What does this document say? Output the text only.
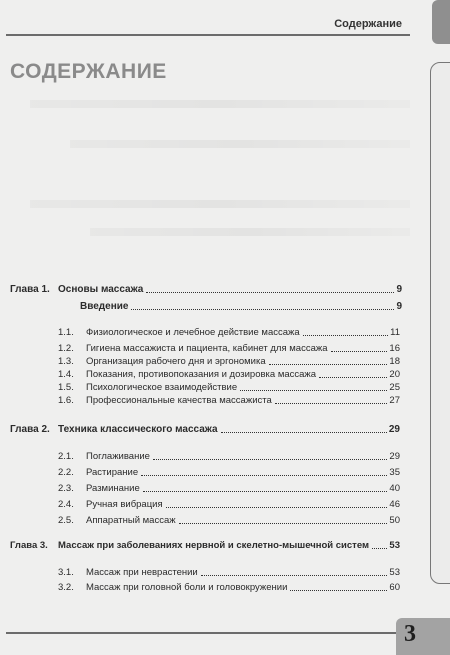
Содержание
СОДЕРЖАНИЕ
Глава 1. Основы массажа	9
Введение	9
1.1.	Физиологическое и лечебное действие массажа	11
1.2.	Гигиена массажиста и пациента, кабинет для массажа	16
1.3.	Организация рабочего дня и эргономика	18
1.4.	Показания, противопоказания и дозировка массажа	20
1.5.	Психологическое взаимодействие	25
1.6.	Профессиональные качества массажиста	27
Глава 2. Техника классического массажа	29
2.1.	Поглаживание	29
2.2.	Растирание	35
2.3.	Разминание	40
2.4.	Ручная вибрация	46
2.5.	Аппаратный массаж	50
Глава 3.	Массаж при заболеваниях нервной и скелетно-мышечной систем 53
3.1.	Массаж при неврастении	53
3.2.	Массаж при головной боли и головокружении	60
3
